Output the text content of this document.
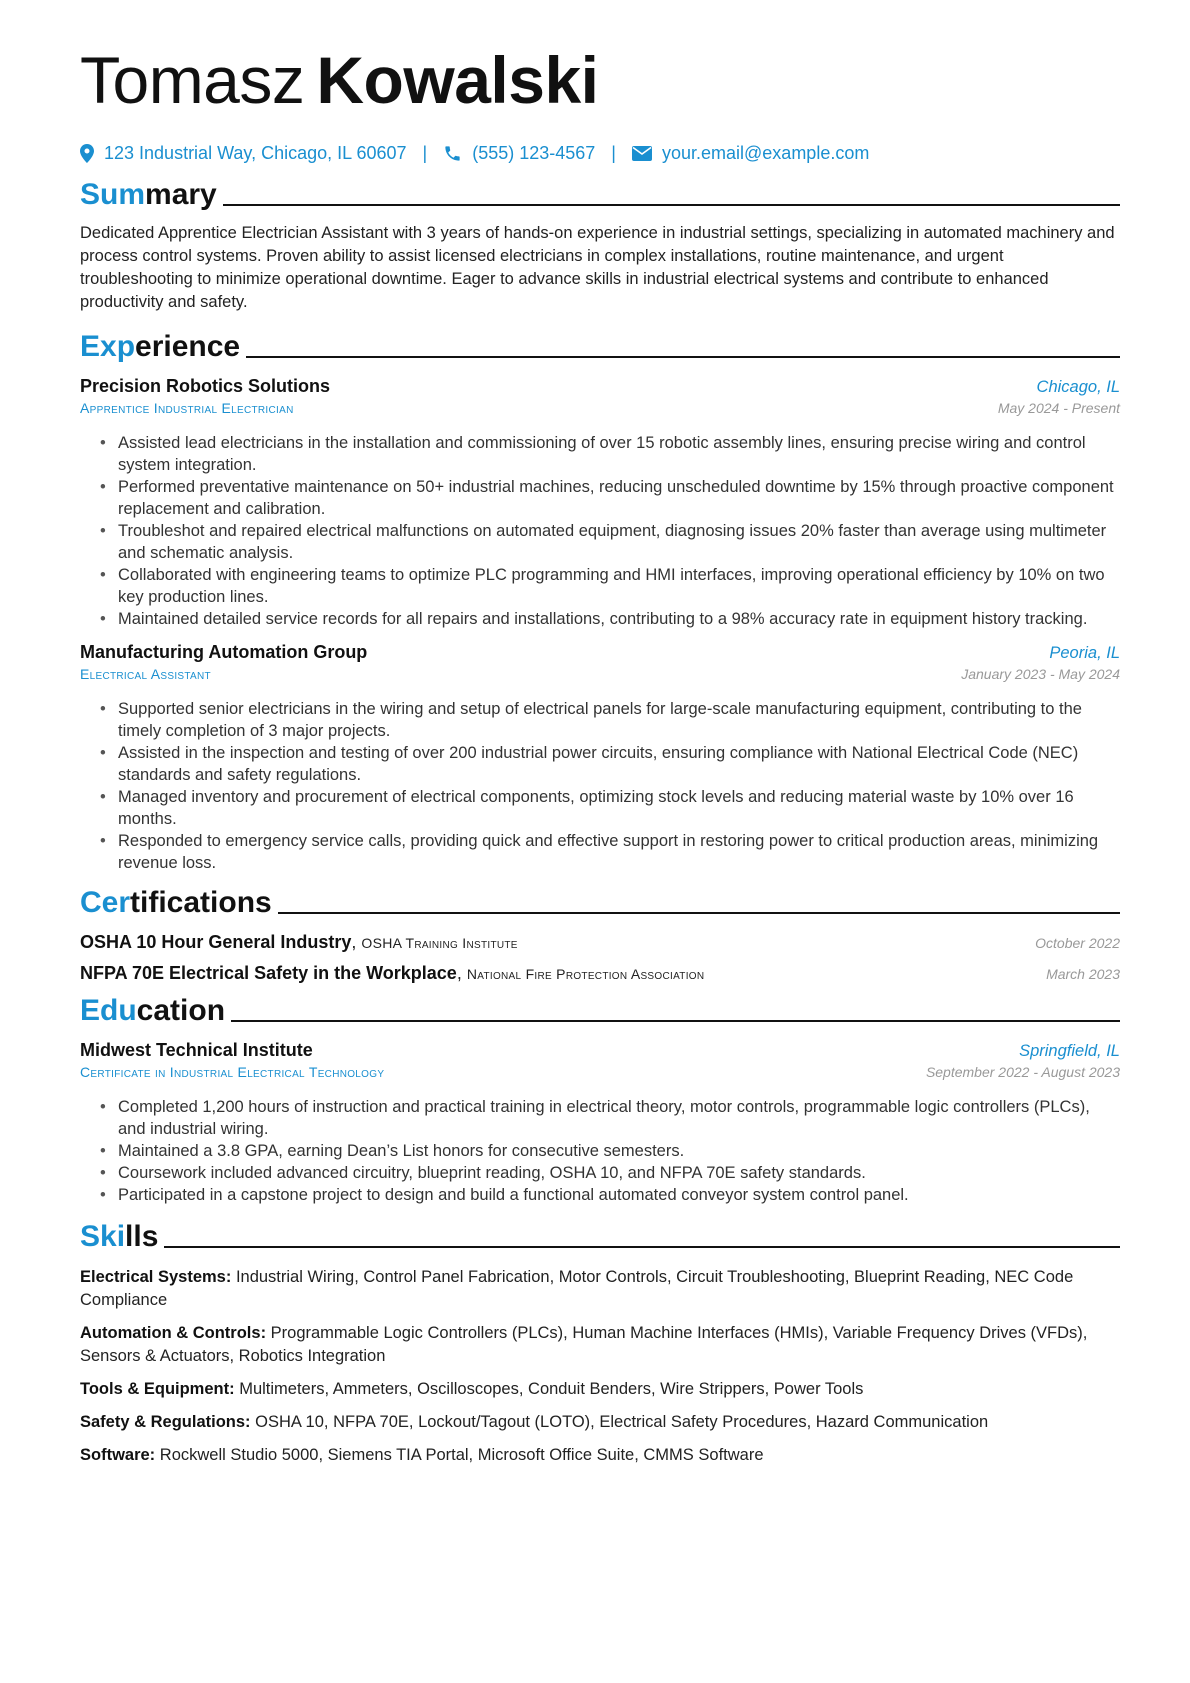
Tomasz Kowalski
123 Industrial Way, Chicago, IL 60607 |	(555) 123-4567 |	your.email@example.com
Sum mary
Dedicated Apprentice Electrician Assistant with 3 years of hands-on experience in industrial settings, specializing in automated machinery and process control systems. Proven ability to assist licensed electricians in complex installations, routine maintenance, and urgent troubleshooting to minimize operational downtime. Eager to advance skills in industrial electrical systems and contribute to enhanced productivity and safety.
Exp erience
Precision Robotics Solutions	Chicago, IL
Apprentice Industrial Electrician	May 2024 - Present
• Assisted lead electricians in the installation and commissioning of over 15 robotic assembly lines, ensuring precise wiring and control system integration.
• Performed preventative maintenance on 50+ industrial machines, reducing unscheduled downtime by 15% through proactive component replacement and calibration.
• Troubleshot and repaired electrical malfunctions on automated equipment, diagnosing issues 20% faster than average using multimeter and schematic analysis.
• Collaborated with engineering teams to optimize PLC programming and HMI interfaces, improving operational efficiency by 10% on two key production lines.
• Maintained detailed service records for all repairs and installations, contributing to a 98% accuracy rate in equipment history tracking.
Manufacturing Automation Group	Peoria, IL
Electrical Assistant	January 2023 - May 2024
• Supported senior electricians in the wiring and setup of electrical panels for large-scale manufacturing equipment, contributing to the timely completion of 3 major projects.
• Assisted in the inspection and testing of over 200 industrial power circuits, ensuring compliance with National Electrical Code (NEC) standards and safety regulations.
• Managed inventory and procurement of electrical components, optimizing stock levels and reducing material waste by 10% over 16 months.
• Responded to emergency service calls, providing quick and effective support in restoring power to critical production areas, minimizing revenue loss.
Cer tifications
OSHA 10 Hour General Industry, OSHA Training Institute	October 2022
NFPA 70E Electrical Safety in the Workplace, National Fire Protection Association	March 2023
Edu cation
Midwest Technical Institute	Springfield, IL
Certificate in Industrial Electrical Technology	September 2022 - August 2023
• Completed 1,200 hours of instruction and practical training in electrical theory, motor controls, programmable logic controllers (PLCs), and industrial wiring.
• Maintained a 3.8 GPA, earning Dean’s List honors for consecutive semesters.
• Coursework included advanced circuitry, blueprint reading, OSHA 10, and NFPA 70E safety standards.
• Participated in a capstone project to design and build a functional automated conveyor system control panel.
Ski lls
Electrical Systems: Industrial Wiring, Control Panel Fabrication, Motor Controls, Circuit Troubleshooting, Blueprint Reading, NEC Code Compliance
Automation & Controls: Programmable Logic Controllers (PLCs), Human Machine Interfaces (HMIs), Variable Frequency Drives (VFDs), Sensors & Actuators, Robotics Integration
Tools & Equipment: Multimeters, Ammeters, Oscilloscopes, Conduit Benders, Wire Strippers, Power Tools
Safety & Regulations: OSHA 10, NFPA 70E, Lockout/Tagout (LOTO), Electrical Safety Procedures, Hazard Communication
Software: Rockwell Studio 5000, Siemens TIA Portal, Microsoft Office Suite, CMMS Software
